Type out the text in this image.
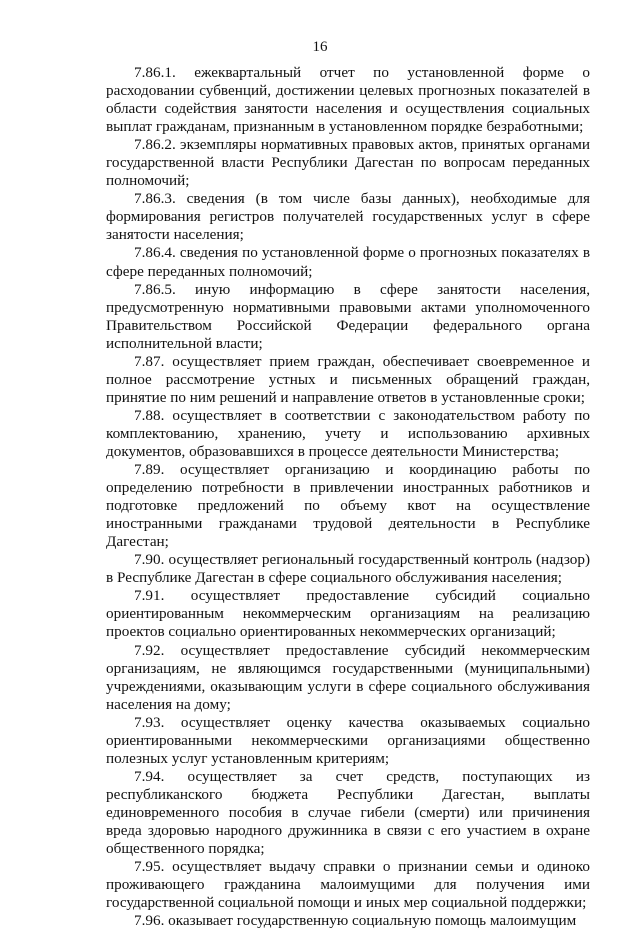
16

7.86.1. ежеквартальный отчет по установленной форме о расходовании субвенций, достижении целевых прогнозных показателей в области содействия занятости населения и осуществления социальных выплат гражданам, признанным в установленном порядке безработными;

7.86.2. экземпляры нормативных правовых актов, принятых органами государственной власти Республики Дагестан по вопросам переданных полномочий;

7.86.3. сведения (в том числе базы данных), необходимые для формирования регистров получателей государственных услуг в сфере занятости населения;

7.86.4. сведения по установленной форме о прогнозных показателях в сфере переданных полномочий;

7.86.5. иную информацию в сфере занятости населения, предусмотренную нормативными правовыми актами уполномоченного Правительством Российской Федерации федерального органа исполнительной власти;

7.87. осуществляет прием граждан, обеспечивает своевременное и полное рассмотрение устных и письменных обращений граждан, принятие по ним решений и направление ответов в установленные сроки;

7.88. осуществляет в соответствии с законодательством работу по комплектованию, хранению, учету и использованию архивных документов, образовавшихся в процессе деятельности Министерства;

7.89. осуществляет организацию и координацию работы по определению потребности в привлечении иностранных работников и подготовке предложений по объему квот на осуществление иностранными гражданами трудовой деятельности в Республике Дагестан;

7.90. осуществляет региональный государственный контроль (надзор) в Республике Дагестан в сфере социального обслуживания населения;

7.91. осуществляет предоставление субсидий социально ориентированным некоммерческим организациям на реализацию проектов социально ориентированных некоммерческих организаций;

7.92. осуществляет предоставление субсидий некоммерческим организациям, не являющимся государственными (муниципальными) учреждениями, оказывающим услуги в сфере социального обслуживания населения на дому;

7.93. осуществляет оценку качества оказываемых социально ориентированными некоммерческими организациями общественно полезных услуг установленным критериям;

7.94. осуществляет за счет средств, поступающих из республиканского бюджета Республики Дагестан, выплаты единовременного пособия в случае гибели (смерти) или причинения вреда здоровью народного дружинника в связи с его участием в охране общественного порядка;

7.95. осуществляет выдачу справки о признании семьи и одиноко проживающего гражданина малоимущими для получения ими государственной социальной помощи и иных мер социальной поддержки;

7.96. оказывает государственную социальную помощь малоимущим
